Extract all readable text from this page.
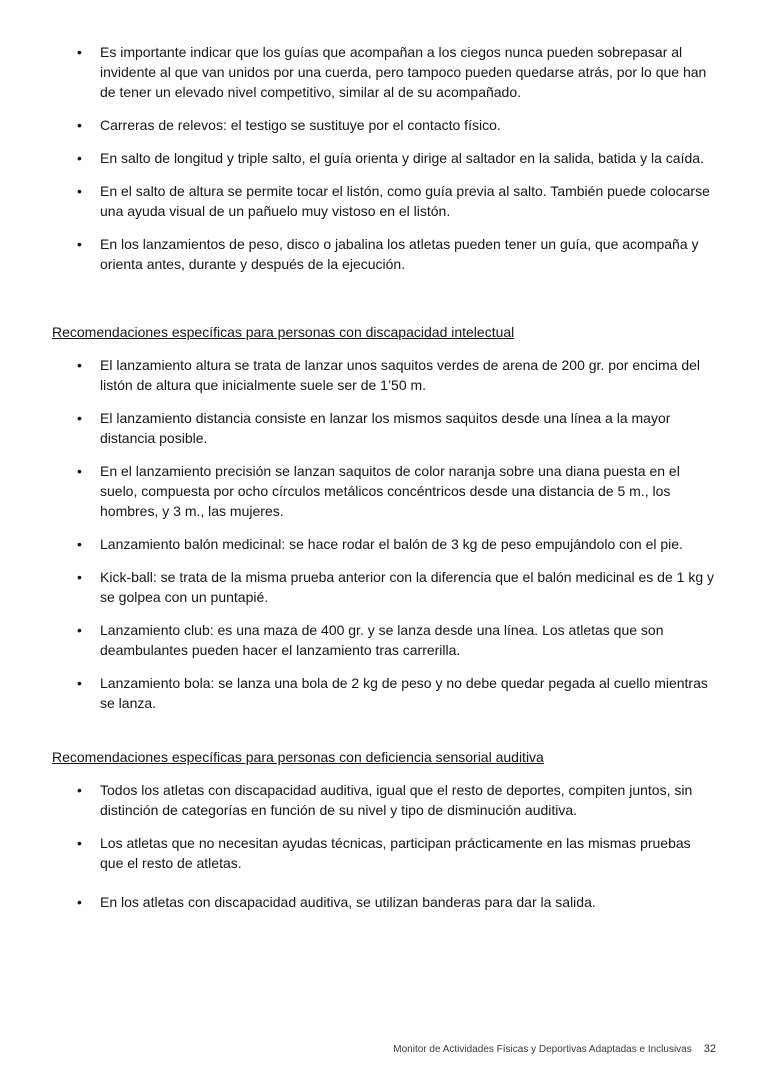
•	Es importante indicar que los guías que acompañan a los ciegos nunca pueden sobrepasar al invidente al que van unidos por una cuerda, pero tampoco pueden quedarse atrás, por lo que han de tener un elevado nivel competitivo, similar al de su acompañado.
•	Carreras de relevos: el testigo se sustituye por el contacto físico.
•	En salto de longitud y triple salto, el guía orienta y dirige al saltador en la salida, batida y la caída.
•	En el salto de altura se permite tocar el listón, como guía previa al salto. También puede colocarse una ayuda visual de un pañuelo muy vistoso en el listón.
•	En los lanzamientos de peso, disco o jabalina los atletas pueden tener un guía, que acompaña y orienta antes, durante y después de la ejecución.
Recomendaciones específicas para personas con discapacidad intelectual
•	El lanzamiento altura se trata de lanzar unos saquitos verdes de arena de 200 gr. por encima del listón de altura que inicialmente suele ser de 1’50 m.
•	El lanzamiento distancia consiste en lanzar los mismos saquitos desde una línea a la mayor distancia posible.
•	En el lanzamiento precisión se lanzan saquitos de color naranja sobre una diana puesta en el suelo, compuesta por ocho círculos metálicos concéntricos desde una distancia de 5 m., los hombres, y 3 m., las mujeres.
•	Lanzamiento balón medicinal: se hace rodar el balón de 3 kg de peso empujándolo con el pie.
•	Kick-ball: se trata de la misma prueba anterior con la diferencia que el balón medicinal es de 1 kg y se golpea con un puntapié.
•	Lanzamiento club: es una maza de 400 gr. y se lanza desde una línea. Los atletas que son deambulantes pueden hacer el lanzamiento tras carrerilla.
•	Lanzamiento bola: se lanza una bola de 2 kg de peso y no debe quedar pegada al cuello mientras se lanza.
Recomendaciones específicas para personas con deficiencia sensorial auditiva
•	Todos los atletas con discapacidad auditiva, igual que el resto de deportes, compiten juntos, sin distinción de categorías en función de su nivel y tipo de disminución auditiva.
•	Los atletas que no necesitan ayudas técnicas, participan prácticamente en las mismas pruebas que el resto de atletas.
•	En los atletas con discapacidad auditiva, se utilizan banderas para dar la salida.
Monitor de Actividades Físicas y Deportivas Adaptadas e Inclusivas 32
